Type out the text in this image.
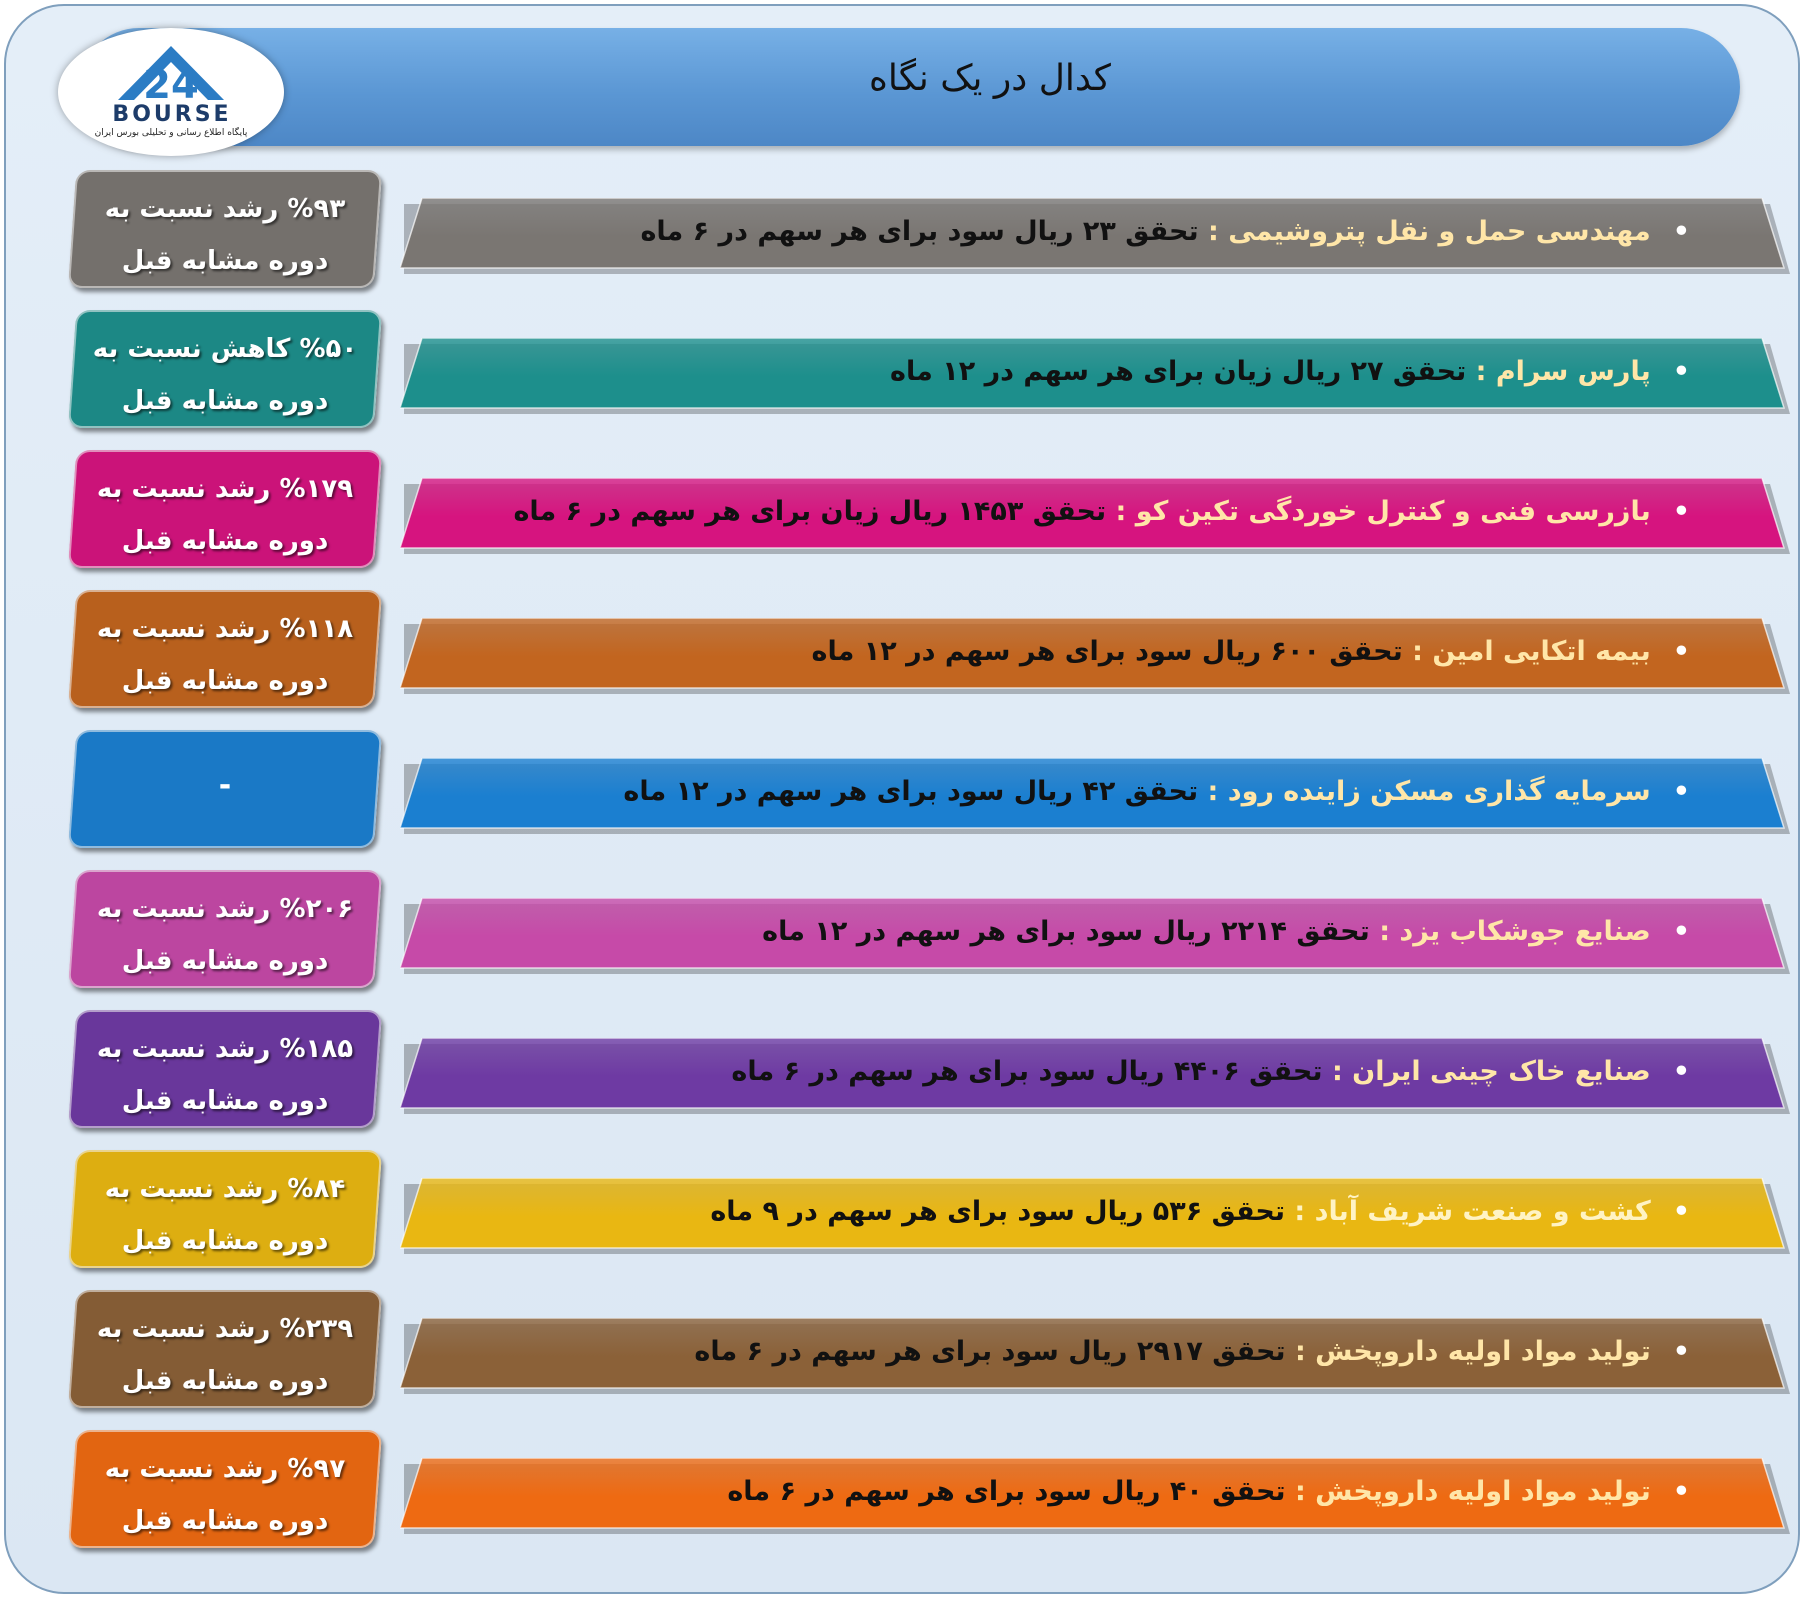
کدال در یک نگاه
24
BOURSE
پایگاه اطلاع رسانی و تحلیلی بورس ایران
%۹۳ رشد نسبت به
دوره مشابه قبل
•مهندسی حمل و نقل پتروشیمی : تحقق ۲۳ ریال سود برای هر سهم در ۶ ماه
%۵۰ کاهش نسبت به
دوره مشابه قبل
•پارس سرام : تحقق ۲۷ ریال زیان برای هر سهم در ۱۲ ماه
%۱۷۹ رشد نسبت به
دوره مشابه قبل
•بازرسی فنی و کنترل خوردگی تکین کو : تحقق ۱۴۵۳ ریال زیان برای هر سهم در ۶ ماه
%۱۱۸ رشد نسبت به
دوره مشابه قبل
•بیمه اتکایی امین : تحقق ۶۰۰ ریال سود برای هر سهم در ۱۲ ماه
-	•سرمایه گذاری مسکن زاینده رود : تحقق ۴۲ ریال سود برای هر سهم در ۱۲ ماه
%۲۰۶ رشد نسبت به
دوره مشابه قبل
•صنایع جوشکاب یزد : تحقق ۲۲۱۴ ریال سود برای هر سهم در ۱۲ ماه
%۱۸۵ رشد نسبت به
دوره مشابه قبل
•صنایع خاک چینی ایران : تحقق ۴۴۰۶ ریال سود برای هر سهم در ۶ ماه
%۸۴ رشد نسبت به
دوره مشابه قبل
•کشت و صنعت شریف آباد : تحقق ۵۳۶ ریال سود برای هر سهم در ۹ ماه
%۲۳۹ رشد نسبت به
دوره مشابه قبل
•تولید مواد اولیه داروپخش : تحقق ۲۹۱۷ ریال سود برای هر سهم در ۶ ماه
%۹۷ رشد نسبت به
دوره مشابه قبل
•تولید مواد اولیه داروپخش : تحقق ۴۰ ریال سود برای هر سهم در ۶ ماه
